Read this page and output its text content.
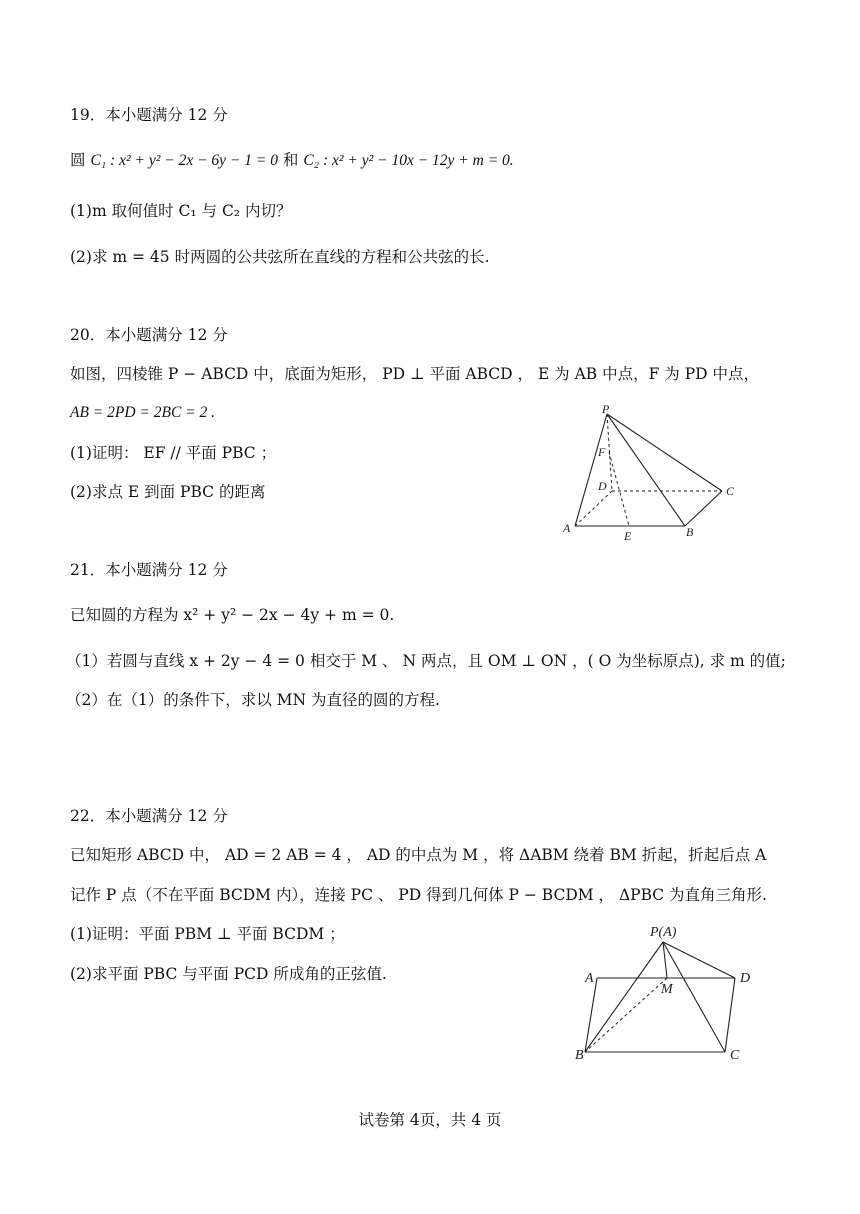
19．本小题满分 12 分
圆 C₁ : x² + y² − 2x − 6y − 1 = 0 和 C₂ : x² + y² − 10x − 12y + m = 0.
(1)m 取何值时 C₁ 与 C₂ 内切？
(2)求 m = 45 时两圆的公共弦所在直线的方程和公共弦的长.
20．本小题满分 12 分
如图，四棱锥 P − ABCD 中，底面为矩形， PD ⊥ 平面 ABCD ， E 为 AB 中点，F 为 PD 中点，
AB = 2PD = 2BC = 2 .
(1)证明： EF // 平面 PBC ；
(2)求点 E 到面 PBC 的距离
P
F
D	C
A
E	B
21．本小题满分 12 分
已知圆的方程为 x² + y² − 2x − 4y + m = 0.
（1）若圆与直线 x + 2y − 4 = 0 相交于 M 、 N 两点，且 OM ⊥ ON ，( O 为坐标原点), 求 m 的值;
（2）在（1）的条件下，求以 MN 为直径的圆的方程.
22．本小题满分 12 分
已知矩形 ABCD 中， AD = 2 AB = 4 ， AD 的中点为 M ，将 ΔABM 绕着 BM 折起，折起后点 A
记作 P 点（不在平面 BCDM 内），连接 PC 、 PD 得到几何体 P − BCDM ， ΔPBC 为直角三角形.
(1)证明：平面 PBM ⊥ 平面 BCDM ；
(2)求平面 PBC 与平面 PCD 所成角的正弦值.
P(A)
A	D
M
B	C
试卷第 4页，共 4 页
